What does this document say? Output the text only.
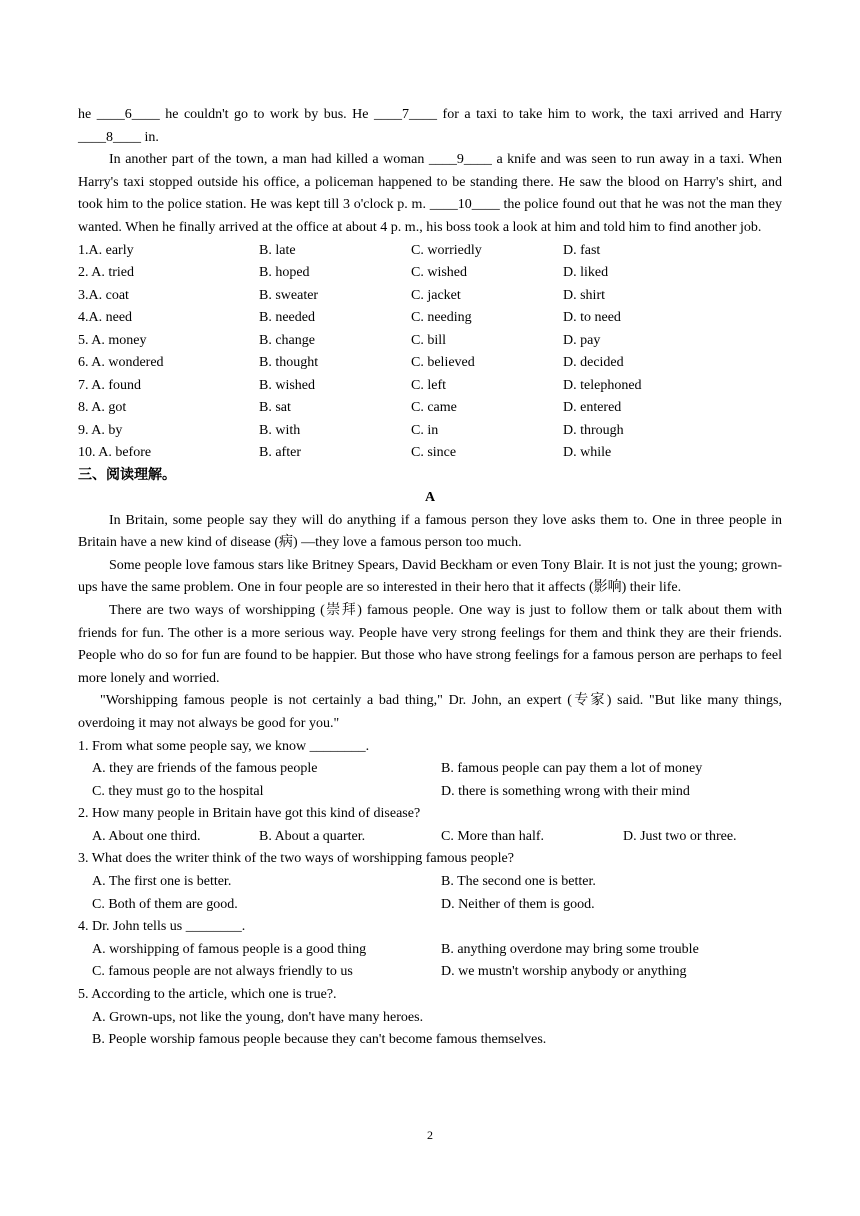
he ____6____ he couldn't go to work by bus. He ____7____ for a taxi to take him to work, the taxi arrived and Harry ____8____ in.

In another part of the town, a man had killed a woman ____9____ a knife and was seen to run away in a taxi. When Harry's taxi stopped outside his office, a policeman happened to be standing there. He saw the blood on Harry's shirt, and took him to the police station. He was kept till 3 o'clock p. m. ____10____ the police found out that he was not the man they wanted. When he finally arrived at the office at about 4 p. m., his boss took a look at him and told him to find another job.

1.A. early	B. late	C. worriedly	D. fast
2. A. tried	B. hoped	C. wished	D. liked
3.A. coat	B. sweater	C. jacket	D. shirt
4.A. need	B. needed	C. needing	D. to need
5. A. money	B. change	C. bill	D. pay
6. A. wondered	B. thought	C. believed	D. decided
7. A. found	B. wished	C. left	D. telephoned
8. A. got	B. sat	C. came	D. entered
9. A. by	B. with	C. in	D. through
10. A. before	B. after	C. since	D. while
三、阅读理解。
A

In Britain, some people say they will do anything if a famous person they love asks them to. One in three people in Britain have a new kind of disease (病) —they love a famous person too much.

Some people love famous stars like Britney Spears, David Beckham or even Tony Blair. It is not just the young; grown-ups have the same problem. One in four people are so interested in their hero that it affects (影响) their life.

There are two ways of worshipping (崇拜) famous people. One way is just to follow them or talk about them with friends for fun. The other is a more serious way. People have very strong feelings for them and think they are their friends. People who do so for fun are found to be happier. But those who have strong feelings for a famous person are perhaps to feel more lonely and worried.

"Worshipping famous people is not certainly a bad thing," Dr. John, an expert (专家) said. "But like many things, overdoing it may not always be good for you."

1. From what some people say, we know ________.
A. they are friends of the famous people	B. famous people can pay them a lot of money
C. they must go to the hospital	D. there is something wrong with their mind
2. How many people in Britain have got this kind of disease?
A. About one third.	B. About a quarter.	C. More than half.	D. Just two or three.
3. What does the writer think of the two ways of worshipping famous people?
A. The first one is better.	B. The second one is better.
C. Both of them are good.	D. Neither of them is good.
4. Dr. John tells us ________.
A. worshipping of famous people is a good thing	B. anything overdone may bring some trouble
C. famous people are not always friendly to us	D. we mustn't worship anybody or anything
5. According to the article, which one is true?.
A. Grown-ups, not like the young, don't have many heroes.
B. People worship famous people because they can't become famous themselves.
2
